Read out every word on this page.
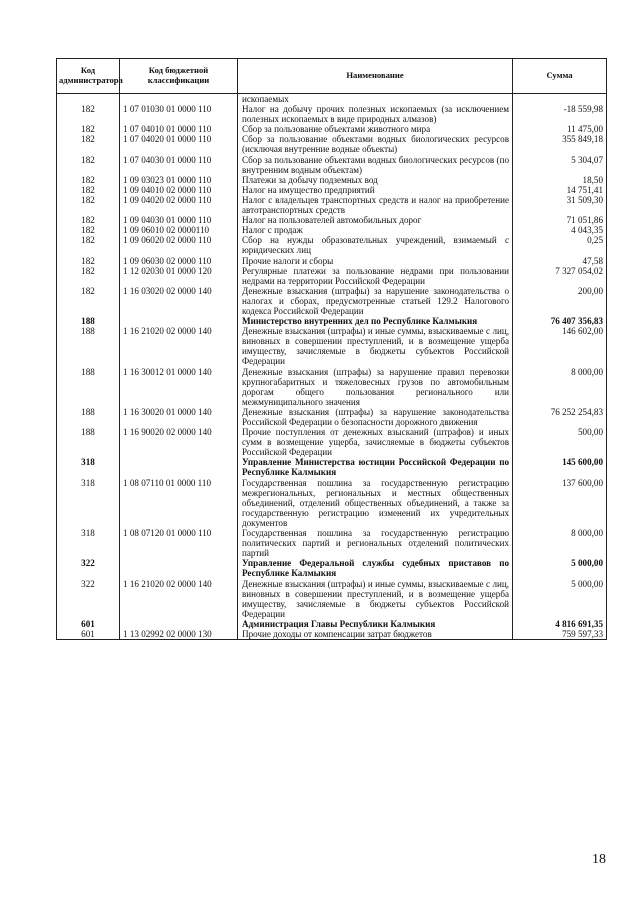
Код администратора	Код бюджетной классификации	Наименование	Сумма
		ископаемых	
182	1 07 01030 01 0000 110	Налог на добычу прочих полезных ископаемых (за исключением полезных ископаемых в виде природных алмазов)	-18 559,98
182	1 07 04010 01 0000 110	Сбор за пользование объектами животного мира	11 475,00
182	1 07 04020 01 0000 110	Сбор за пользование объектами водных биологических ресурсов (исключая внутренние водные объекты)	355 849,18
182	1 07 04030 01 0000 110	Сбор за пользование объектами водных биологических ресурсов (по внутренним водным объектам)	5 304,07
182	1 09 03023 01 0000 110	Платежи за добычу подземных вод	18,50
182	1 09 04010 02 0000 110	Налог на имущество предприятий	14 751,41
182	1 09 04020 02 0000 110	Налог с владельцев транспортных средств и налог на приобретение автотранспортных средств	31 509,30
182	1 09 04030 01 0000 110	Налог на пользователей автомобильных дорог	71 051,86
182	1 09 06010 02 0000110	Налог с продаж	4 043,35
182	1 09 06020 02 0000 110	Сбор на нужды образовательных учреждений, взимаемый с юридических лиц	0,25
182	1 09 06030 02 0000 110	Прочие налоги и сборы	47,58
182	1 12 02030 01 0000 120	Регулярные платежи за пользование недрами при пользовании недрами на территории Российской Федерации	7 327 054,02
182	1 16 03020 02 0000 140	Денежные взыскания (штрафы) за нарушение законодательства о налогах и сборах, предусмотренные статьей 129.2 Налогового кодекса Российской Федерации	200,00
188		Министерство внутренних дел по Республике Калмыкия	76 407 356,83
188	1 16 21020 02 0000 140	Денежные взыскания (штрафы) и иные суммы, взыскиваемые с лиц, виновных в совершении преступлений, и в возмещение ущерба имуществу, зачисляемые в бюджеты субъектов Российской Федерации	146 602,00
188	1 16 30012 01 0000 140	Денежные взыскания (штрафы) за нарушение правил перевозки крупногабаритных и тяжеловесных грузов по автомобильным дорогам общего пользования регионального или межмуниципального значения	8 000,00
188	1 16 30020 01 0000 140	Денежные взыскания (штрафы) за нарушение законодательства Российской Федерации о безопасности дорожного движения	76 252 254,83
188	1 16 90020 02 0000 140	Прочие поступления от денежных взысканий (штрафов) и иных сумм в возмещение ущерба, зачисляемые в бюджеты субъектов Российской Федерации	500,00
318		Управление Министерства юстиции Российской Федерации по Республике Калмыкия	145 600,00
318	1 08 07110 01 0000 110	Государственная пошлина за государственную регистрацию межрегиональных, региональных и местных общественных объединений, отделений общественных объединений, а также за государственную регистрацию изменений их учредительных документов	137 600,00
318	1 08 07120 01 0000 110	Государственная пошлина за государственную регистрацию политических партий и региональных отделений политических партий	8 000,00
322		Управление Федеральной службы судебных приставов по Республике Калмыкия	5 000,00
322	1 16 21020 02 0000 140	Денежные взыскания (штрафы) и иные суммы, взыскиваемые с лиц, виновных в совершении преступлений, и в возмещение ущерба имуществу, зачисляемые в бюджеты субъектов Российской Федерации	5 000,00
601		Администрация Главы Республики Калмыкия	4 816 691,35
601	1 13 02992 02 0000 130	Прочие доходы от компенсации затрат бюджетов	759 597,33
18
